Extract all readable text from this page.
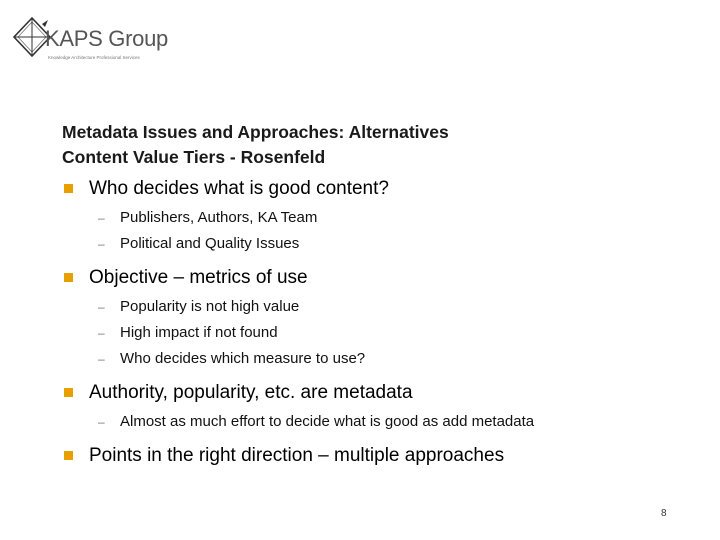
KAPS Group
Knowledge Architecture Professional Services
Metadata Issues and Approaches: Alternatives
Content Value Tiers - Rosenfeld
Who decides what is good content?
– Publishers, Authors, KA Team
– Political and Quality Issues
Objective – metrics of use
– Popularity is not high value
– High impact if not found
– Who decides which measure to use?
Authority, popularity, etc. are metadata
– Almost as much effort to decide what is good as add metadata
Points in the right direction – multiple approaches
8
